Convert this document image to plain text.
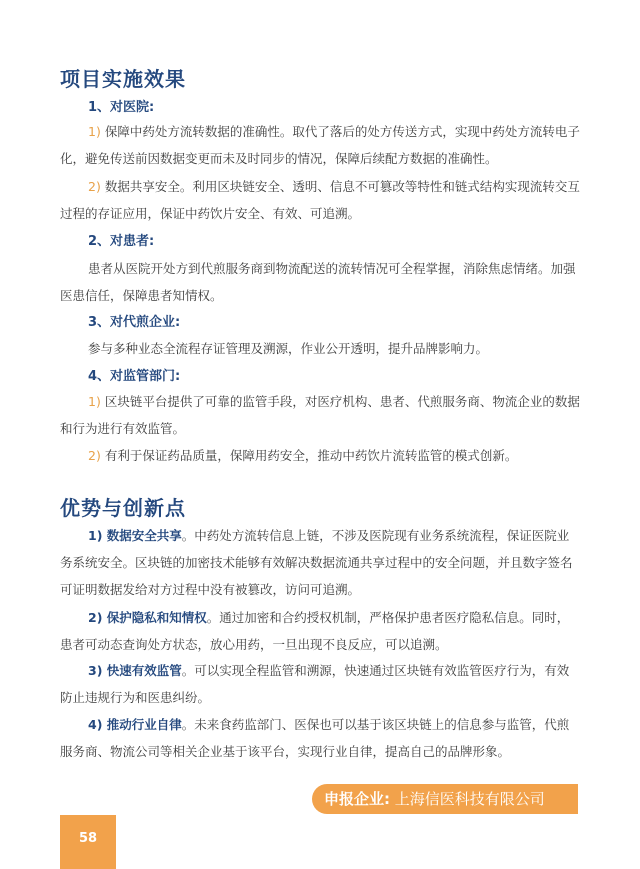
项目实施效果
1、对医院:

1) 保障中药处方流转数据的准确性。取代了落后的处方传送方式，实现中药处方流转电子化，避免传送前因数据变更而未及时同步的情况，保障后续配方数据的准确性。

2) 数据共享安全。利用区块链安全、透明、信息不可篡改等特性和链式结构实现流转交互过程的存证应用，保证中药饮片安全、有效、可追溯。

2、对患者:

患者从医院开处方到代煎服务商到物流配送的流转情况可全程掌握，消除焦虑情绪。加强医患信任，保障患者知情权。

3、对代煎企业:

参与多种业态全流程存证管理及溯源，作业公开透明，提升品牌影响力。

4、对监管部门:

1) 区块链平台提供了可靠的监管手段，对医疗机构、患者、代煎服务商、物流企业的数据和行为进行有效监管。

2) 有利于保证药品质量，保障用药安全，推动中药饮片流转监管的模式创新。

优势与创新点

1) 数据安全共享。中药处方流转信息上链，不涉及医院现有业务系统流程，保证医院业务系统安全。区块链的加密技术能够有效解决数据流通共享过程中的安全问题，并且数字签名可证明数据发给对方过程中没有被篡改，访问可追溯。

2) 保护隐私和知情权。通过加密和合约授权机制，严格保护患者医疗隐私信息。同时，患者可动态查询处方状态，放心用药，一旦出现不良反应，可以追溯。

3) 快速有效监管。可以实现全程监管和溯源，快速通过区块链有效监管医疗行为，有效防止违规行为和医患纠纷。

4) 推动行业自律。未来食药监部门、医保也可以基于该区块链上的信息参与监管，代煎服务商、物流公司等相关企业基于该平台，实现行业自律，提高自己的品牌形象。

申报企业: 上海信医科技有限公司
58
